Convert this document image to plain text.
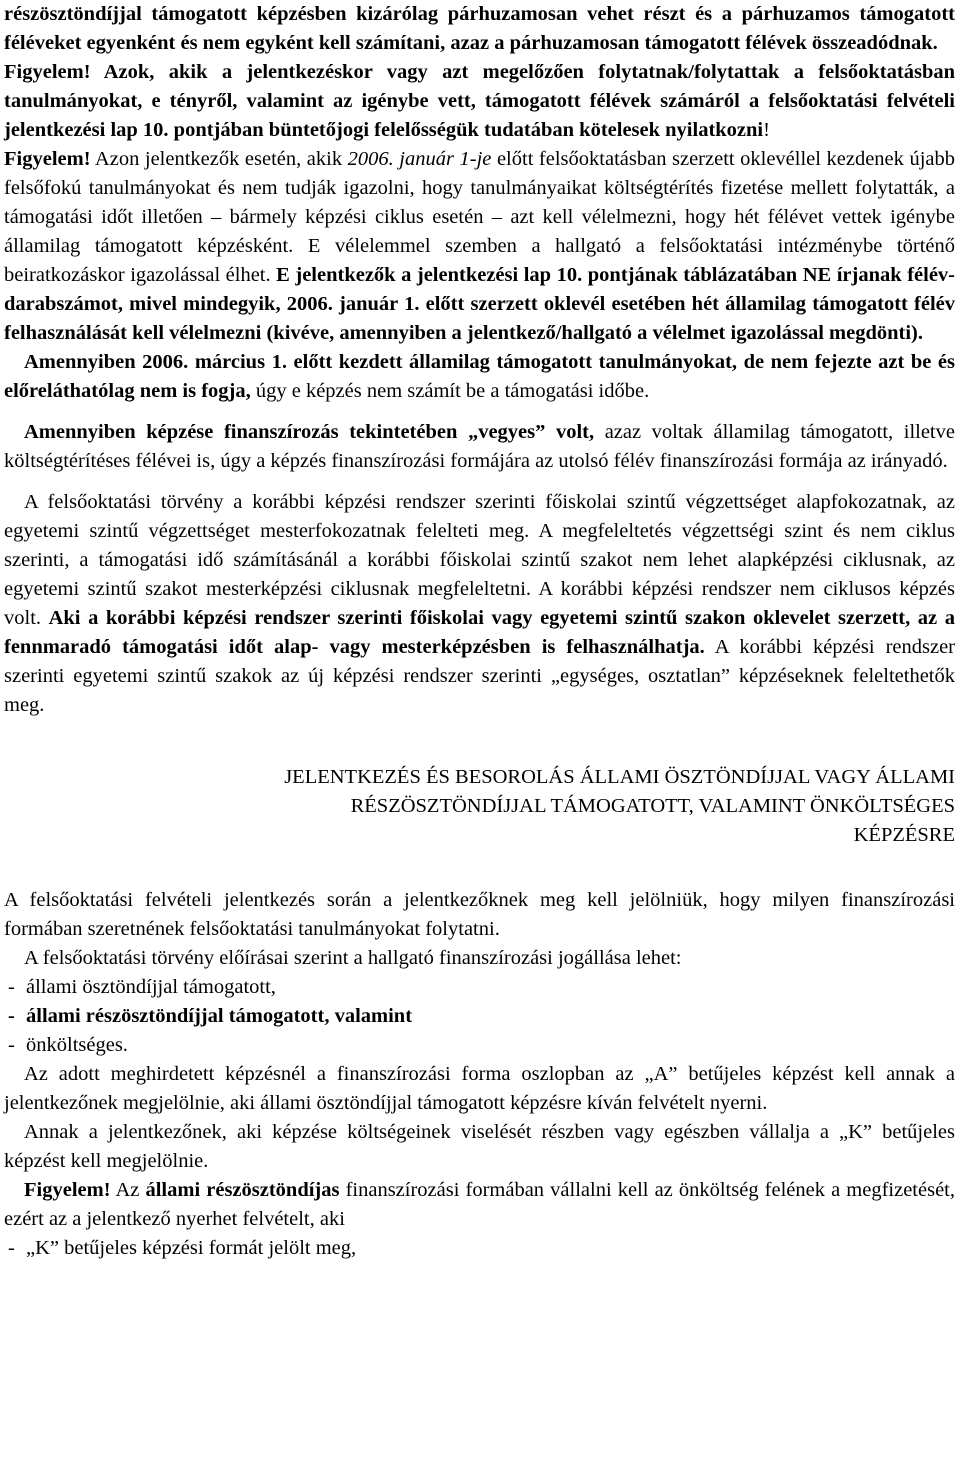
részösztöndíjjal támogatott képzésben kizárólag párhuzamosan vehet részt és a párhuzamos támogatott féléveket egyenként és nem egyként kell számítani, azaz a párhuzamosan támogatott félévek összeadódnak.

Figyelem! Azok, akik a jelentkezéskor vagy azt megelőzően folytatnak/folytattak a felsőoktatásban tanulmányokat, e tényről, valamint az igénybe vett, támogatott félévek számáról a felsőoktatási felvételi jelentkezési lap 10. pontjában büntetőjogi felelősségük tudatában kötelesek nyilatkozni!

Figyelem! Azon jelentkezők esetén, akik 2006. január 1-je előtt felsőoktatásban szerzett oklevéllel kezdenek újabb felsőfokú tanulmányokat és nem tudják igazolni, hogy tanulmányaikat költségtérítés fizetése mellett folytatták, a támogatási időt illetően – bármely képzési ciklus esetén – azt kell vélelmezni, hogy hét félévet vettek igénybe államilag támogatott képzésként. E vélelemmel szemben a hallgató a felsőoktatási intézménybe történő beiratkozáskor igazolással élhet. E jelentkezők a jelentkezési lap 10. pontjának táblázatában NE írjanak félév-darabszámot, mivel mindegyik, 2006. január 1. előtt szerzett oklevél esetében hét államilag támogatott félév felhasználását kell vélelmezni (kivéve, amennyiben a jelentkező/hallgató a vélelmet igazolással megdönti).

Amennyiben 2006. március 1. előtt kezdett államilag támogatott tanulmányokat, de nem fejezte azt be és előreláthatólag nem is fogja, úgy e képzés nem számít be a támogatási időbe.

Amennyiben képzése finanszírozás tekintetében „vegyes” volt, azaz voltak államilag támogatott, illetve költségtérítéses félévei is, úgy a képzés finanszírozási formájára az utolsó félév finanszírozási formája az irányadó.

A felsőoktatási törvény a korábbi képzési rendszer szerinti főiskolai szintű végzettséget alapfokozatnak, az egyetemi szintű végzettséget mesterfokozatnak felelteti meg. A megfeleltetés végzettségi szint és nem ciklus szerinti, a támogatási idő számításánál a korábbi főiskolai szintű szakot nem lehet alapképzési ciklusnak, az egyetemi szintű szakot mesterképzési ciklusnak megfeleltetni. A korábbi képzési rendszer nem ciklusos képzés volt. Aki a korábbi képzési rendszer szerinti főiskolai vagy egyetemi szintű szakon oklevelet szerzett, az a fennmaradó támogatási időt alap- vagy mesterképzésben is felhasználhatja. A korábbi képzési rendszer szerinti egyetemi szintű szakok az új képzési rendszer szerinti „egységes, osztatlan” képzéseknek feleltethetők meg.

JELENTKEZÉS ÉS BESOROLÁS ÁLLAMI ÖSZTÖNDÍJJAL VAGY ÁLLAMI
RÉSZÖSZTÖNDÍJJAL TÁMOGATOTT, VALAMINT ÖNKÖLTSÉGES
KÉPZÉSRE

A felsőoktatási felvételi jelentkezés során a jelentkezőknek meg kell jelölniük, hogy milyen finanszírozási formában szeretnének felsőoktatási tanulmányokat folytatni.

A felsőoktatási törvény előírásai szerint a hallgató finanszírozási jogállása lehet:

- állami ösztöndíjjal támogatott,
- állami részösztöndíjjal támogatott, valamint
- önköltséges.

Az adott meghirdetett képzésnél a finanszírozási forma oszlopban az „A” betűjeles képzést kell annak a jelentkezőnek megjelölnie, aki állami ösztöndíjjal támogatott képzésre kíván felvételt nyerni.

Annak a jelentkezőnek, aki képzése költségeinek viselését részben vagy egészben vállalja a „K” betűjeles képzést kell megjelölnie.

Figyelem! Az állami részösztöndíjas finanszírozási formában vállalni kell az önköltség felének a megfizetését, ezért az a jelentkező nyerhet felvételt, aki

- „K” betűjeles képzési formát jelölt meg,
